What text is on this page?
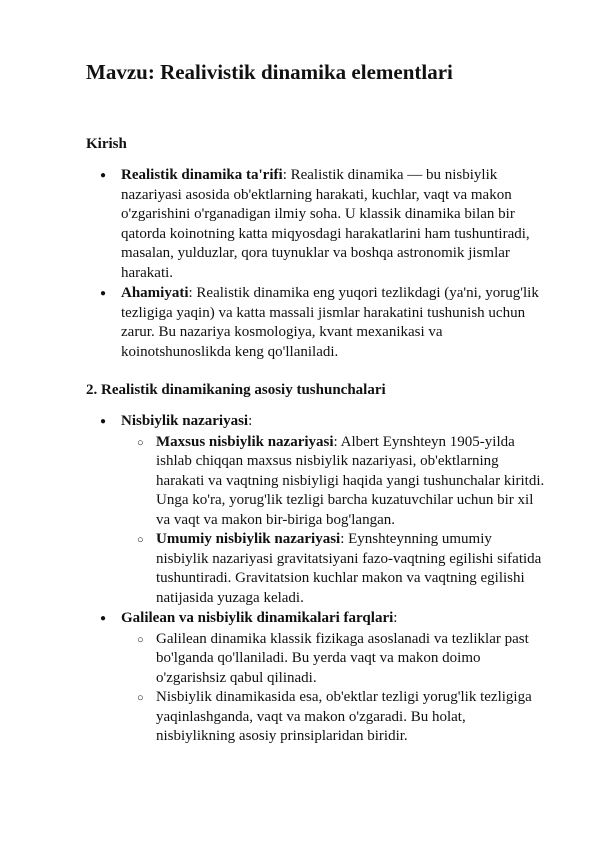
Mavzu: Realivistik dinamika elementlari
Kirish
● Realistik dinamika ta'rifi: Realistik dinamika — bu nisbiylik nazariyasi asosida ob'ektlarning harakati, kuchlar, vaqt va makon o'zgarishini o'rganadigan ilmiy soha. U klassik dinamika bilan bir qatorda koinotning katta miqyosdagi harakatlarini ham tushuntiradi, masalan, yulduzlar, qora tuynuklar va boshqa astronomik jismlar harakati.
● Ahamiyati: Realistik dinamika eng yuqori tezlikdagi (ya'ni, yorug'lik tezligiga yaqin) va katta massali jismlar harakatini tushunish uchun zarur. Bu nazariya kosmologiya, kvant mexanikasi va koinotshunoslikda keng qo'llaniladi.
2. Realistik dinamikaning asosiy tushunchalari
● Nisbiylik nazariyasi:
○ Maxsus nisbiylik nazariyasi: Albert Eynshteyn 1905-yilda ishlab chiqqan maxsus nisbiylik nazariyasi, ob'ektlarning harakati va vaqtning nisbiyligi haqida yangi tushunchalar kiritdi. Unga ko'ra, yorug'lik tezligi barcha kuzatuvchilar uchun bir xil va vaqt va makon bir-biriga bog'langan.
○ Umumiy nisbiylik nazariyasi: Eynshteynning umumiy nisbiylik nazariyasi gravitatsiyani fazo-vaqtning egilishi sifatida tushuntiradi. Gravitatsion kuchlar makon va vaqtning egilishi natijasida yuzaga keladi.
● Galilean va nisbiylik dinamikalari farqlari:
○ Galilean dinamika klassik fizikaga asoslanadi va tezliklar past bo'lganda qo'llaniladi. Bu yerda vaqt va makon doimo o'zgarishsiz qabul qilinadi.
○ Nisbiylik dinamikasida esa, ob'ektlar tezligi yorug'lik tezligiga yaqinlashganda, vaqt va makon o'zgaradi. Bu holat, nisbiylikning asosiy prinsiplaridan biridir.
